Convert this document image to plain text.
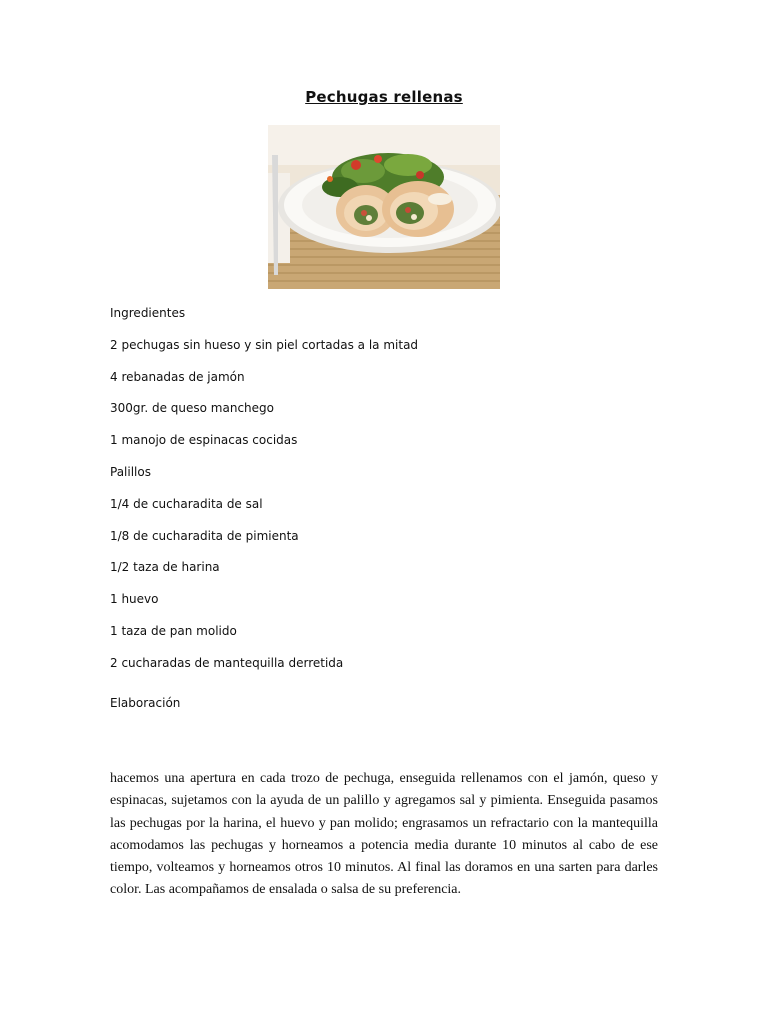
Pechugas rellenas
Ingredientes
2 pechugas sin hueso y sin piel cortadas a la mitad
4 rebanadas de jamón
300gr. de queso manchego
1 manojo de espinacas cocidas
Palillos
1/4 de cucharadita de sal
1/8 de cucharadita de pimienta
1/2 taza de harina
1 huevo
1 taza de pan molido
2 cucharadas de mantequilla derretida
Elaboración
hacemos una apertura en cada trozo de pechuga, enseguida rellenamos con el jamón, queso y espinacas, sujetamos con la ayuda de un palillo y agregamos sal y pimienta. Enseguida pasamos las pechugas por la harina, el huevo y pan molido; engrasamos un refractario con la mantequilla acomodamos las pechugas y horneamos a potencia media durante 10 minutos al cabo de ese tiempo, volteamos y horneamos otros 10 minutos. Al final las doramos en una sarten para darles color. Las acompañamos de ensalada o salsa de su preferencia.
